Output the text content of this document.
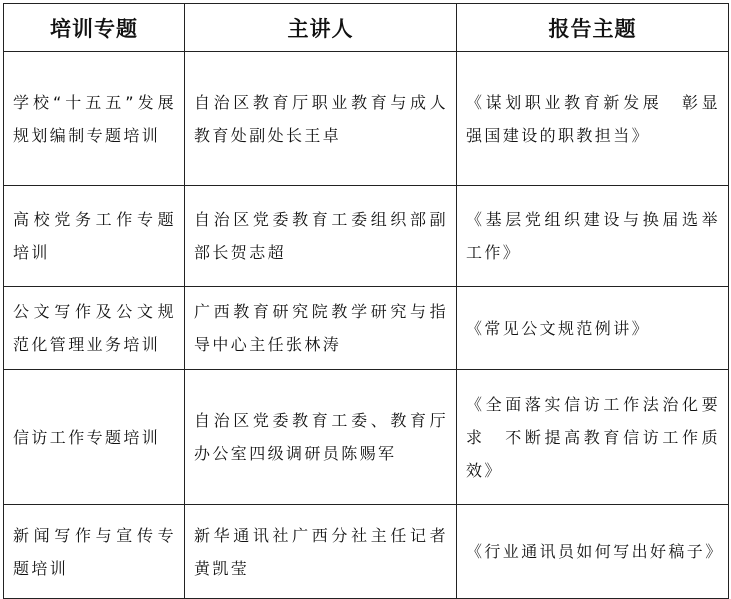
培训专题	主讲人	报告主题
学校“十五五”发展规划编制专题培训	自治区教育厅职业教育与成人教育处副处长王卓	《谋划职业教育新发展　彰显强国建设的职教担当》
高校党务工作专题培训	自治区党委教育工委组织部副部长贺志超	《基层党组织建设与换届选举工作》
公文写作及公文规范化管理业务培训	广西教育研究院教学研究与指导中心主任张林涛	《常见公文规范例讲》
信访工作专题培训	自治区党委教育工委、教育厅办公室四级调研员陈赐军	《全面落实信访工作法治化要求　不断提高教育信访工作质效》
新闻写作与宣传专题培训	新华通讯社广西分社主任记者黄凯莹	《行业通讯员如何写出好稿子》
